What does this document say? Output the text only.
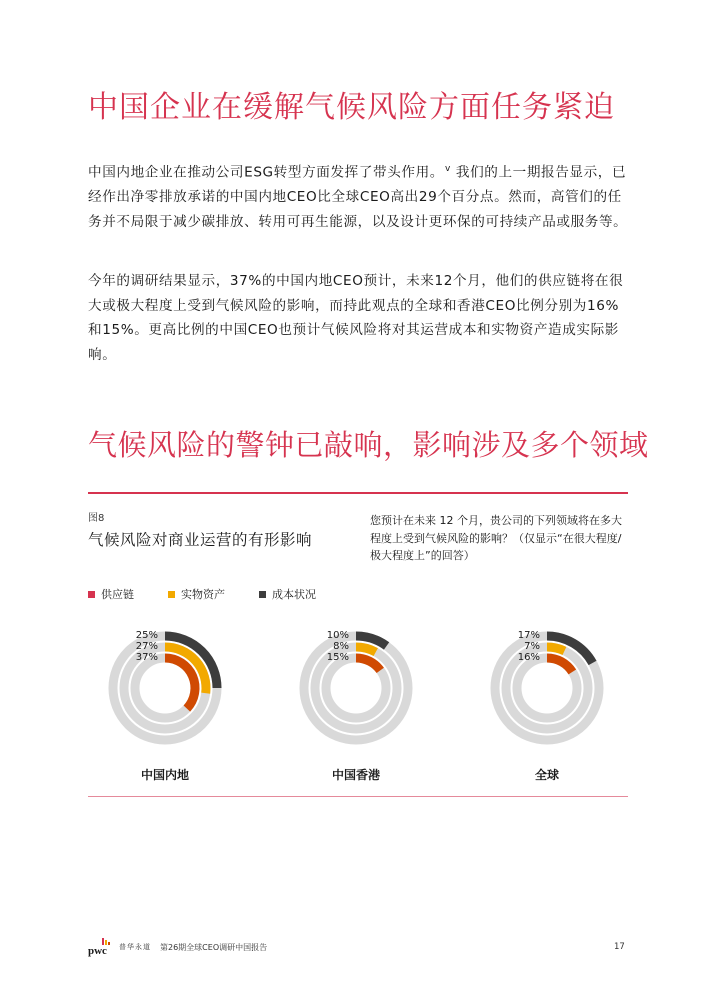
中国企业在缓解气候风险方面任务紧迫
中国内地企业在推动公司ESG转型方面发挥了带头作用。$^v$ 我们的上一期报告显示，已经作出净零排放承诺的中国内地CEO比全球CEO高出29个百分点。然而，高管们的任务并不局限于减少碳排放、转用可再生能源，以及设计更环保的可持续产品或服务等。
今年的调研结果显示，37%的中国内地CEO预计，未来12个月，他们的供应链将在很大或极大程度上受到气候风险的影响，而持此观点的全球和香港CEO比例分别为16%和15%。更高比例的中国CEO也预计气候风险将对其运营成本和实物资产造成实际影响。
气候风险的警钟已敲响，影响涉及多个领域
图8
气候风险对商业运营的有形影响
您预计在未来 12 个月，贵公司的下列领域将在多大程度上受到气候风险的影响？（仅显示“在很大程度/极大程度上”的回答）
供应链	实物资产	成本状况
25%
27%
37%
中国内地
10%
8%
15%
中国香港
17%
7%
16%
全球
pwc 普华永道 第26期全球CEO调研中国报告	17
